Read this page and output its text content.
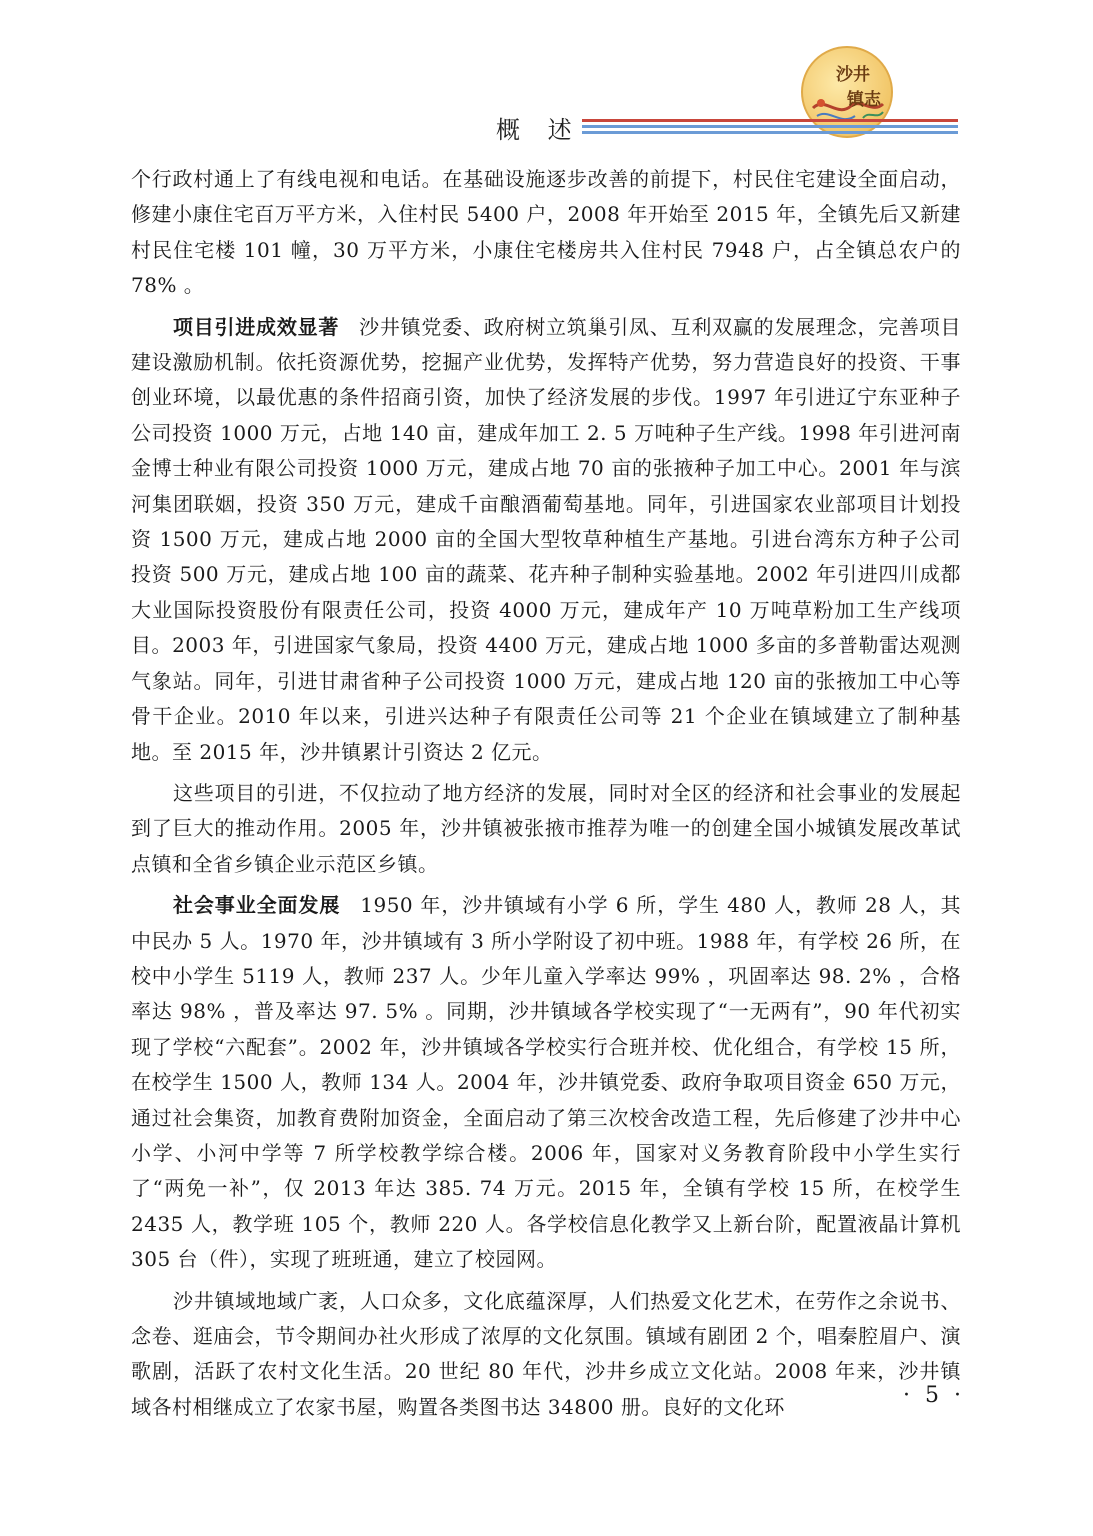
沙井
镇志
概 述

个行政村通上了有线电视和电话。在基础设施逐步改善的前提下，村民住宅建设全面启动，修建小康住宅百万平方米，入住村民 5400 户，2008 年开始至 2015 年，全镇先后又新建村民住宅楼 101 幢，30 万平方米，小康住宅楼房共入住村民 7948 户，占全镇总农户的 78% 。

项目引进成效显著 沙井镇党委、政府树立筑巢引凤、互利双赢的发展理念，完善项目建设激励机制。依托资源优势，挖掘产业优势，发挥特产优势，努力营造良好的投资、干事创业环境，以最优惠的条件招商引资，加快了经济发展的步伐。1997 年引进辽宁东亚种子公司投资 1000 万元，占地 140 亩，建成年加工 2. 5 万吨种子生产线。1998 年引进河南金博士种业有限公司投资 1000 万元，建成占地 70 亩的张掖种子加工中心。2001 年与滨河集团联姻，投资 350 万元，建成千亩酿酒葡萄基地。同年，引进国家农业部项目计划投资 1500 万元，建成占地 2000 亩的全国大型牧草种植生产基地。引进台湾东方种子公司投资 500 万元，建成占地 100 亩的蔬菜、花卉种子制种实验基地。2002 年引进四川成都大业国际投资股份有限责任公司，投资 4000 万元，建成年产 10 万吨草粉加工生产线项目。2003 年，引进国家气象局，投资 4400 万元，建成占地 1000 多亩的多普勒雷达观测气象站。同年，引进甘肃省种子公司投资 1000 万元，建成占地 120 亩的张掖加工中心等骨干企业。2010 年以来，引进兴达种子有限责任公司等 21 个企业在镇域建立了制种基地。至 2015 年，沙井镇累计引资达 2 亿元。

这些项目的引进，不仅拉动了地方经济的发展，同时对全区的经济和社会事业的发展起到了巨大的推动作用。2005 年，沙井镇被张掖市推荐为唯一的创建全国小城镇发展改革试点镇和全省乡镇企业示范区乡镇。

社会事业全面发展 1950 年，沙井镇域有小学 6 所，学生 480 人，教师 28 人，其中民办 5 人。1970 年，沙井镇域有 3 所小学附设了初中班。1988 年，有学校 26 所，在校中小学生 5119 人，教师 237 人。少年儿童入学率达 99% ，巩固率达 98. 2% ，合格率达 98% ，普及率达 97. 5% 。同期，沙井镇域各学校实现了“一无两有”，90 年代初实现了学校“六配套”。2002 年，沙井镇域各学校实行合班并校、优化组合，有学校 15 所，在校学生 1500 人，教师 134 人。2004 年，沙井镇党委、政府争取项目资金 650 万元，通过社会集资，加教育费附加资金，全面启动了第三次校舍改造工程，先后修建了沙井中心小学、小河中学等 7 所学校教学综合楼。2006 年，国家对义务教育阶段中小学生实行了“两免一补”，仅 2013 年达 385. 74 万元。2015 年，全镇有学校 15 所，在校学生 2435 人，教学班 105 个，教师 220 人。各学校信息化教学又上新台阶，配置液晶计算机 305 台（件），实现了班班通，建立了校园网。

沙井镇域地域广袤，人口众多，文化底蕴深厚，人们热爱文化艺术，在劳作之余说书、念卷、逛庙会，节令期间办社火形成了浓厚的文化氛围。镇域有剧团 2 个，唱秦腔眉户、演歌剧，活跃了农村文化生活。20 世纪 80 年代，沙井乡成立文化站。2008 年来，沙井镇域各村相继成立了农家书屋，购置各类图书达 34800 册。良好的文化环	· 5 ·
